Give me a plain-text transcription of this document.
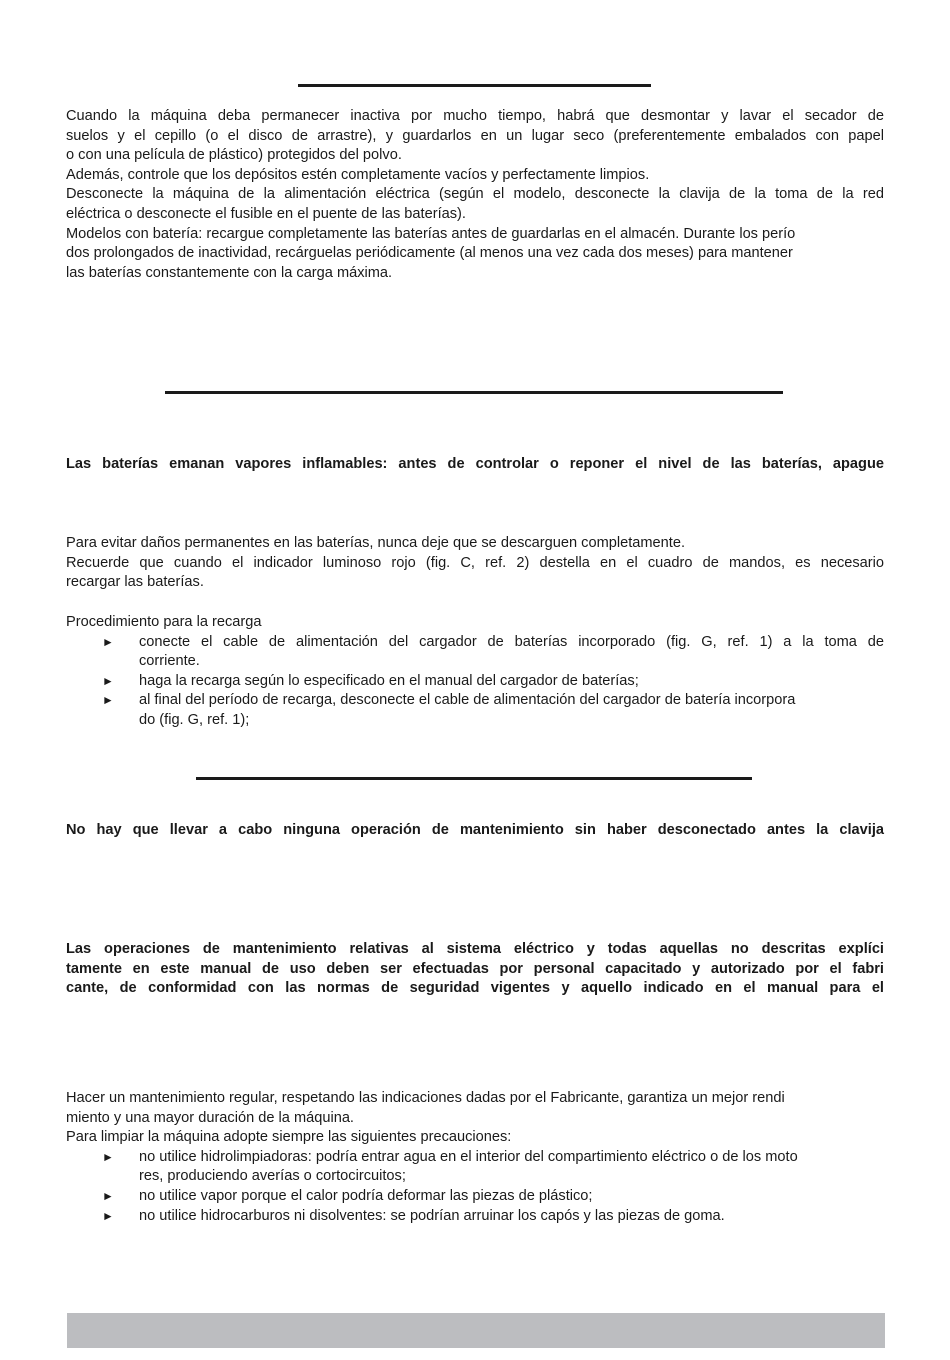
Cuando la máquina deba permanecer inactiva por mucho tiempo, habrá que desmontar y lavar el secador de

suelos y el cepillo (o el disco de arrastre), y guardarlos en un lugar seco (preferentemente embalados con papel

o con una película de plástico) protegidos del polvo.

Además, controle que los depósitos estén completamente vacíos y perfectamente limpios.

Desconecte la máquina de la alimentación eléctrica (según el modelo, desconecte la clavija de la toma de la red

eléctrica o desconecte el fusible en el puente de las baterías).

Modelos con batería: recargue completamente las baterías antes de guardarlas en el almacén. Durante los perío

dos prolongados de inactividad, recárguelas periódicamente (al menos una vez cada dos meses) para mantener

las baterías constantemente con la carga máxima.

Las baterías emanan vapores inflamables: antes de controlar o reponer el nivel de las baterías, apague

Para evitar daños permanentes en las baterías, nunca deje que se descarguen completamente.

Recuerde que cuando el indicador luminoso rojo (fig. C, ref. 2) destella en el cuadro de mandos, es necesario

recargar las baterías.

Procedimiento para la recarga

► conecte el cable de alimentación del cargador de baterías incorporado (fig. G, ref. 1) a la toma de
corriente.
► haga la recarga según lo especificado en el manual del cargador de baterías;
► al final del período de recarga, desconecte el cable de alimentación del cargador de batería incorpora
do (fig. G, ref. 1);

No hay que llevar a cabo ninguna operación de mantenimiento sin haber desconectado antes la clavija

Las operaciones de mantenimiento relativas al sistema eléctrico y todas aquellas no descritas explíci

tamente en este manual de uso deben ser efectuadas por personal capacitado y autorizado por el fabri

cante, de conformidad con las normas de seguridad vigentes y aquello indicado en el manual para el

Hacer un mantenimiento regular, respetando las indicaciones dadas por el Fabricante, garantiza un mejor rendi

miento y una mayor duración de la máquina.

Para limpiar la máquina adopte siempre las siguientes precauciones:

► no utilice hidrolimpiadoras: podría entrar agua en el interior del compartimiento eléctrico o de los moto
res, produciendo averías o cortocircuitos;
► no utilice vapor porque el calor podría deformar las piezas de plástico;
► no utilice hidrocarburos ni disolventes: se podrían arruinar los capós y las piezas de goma.
